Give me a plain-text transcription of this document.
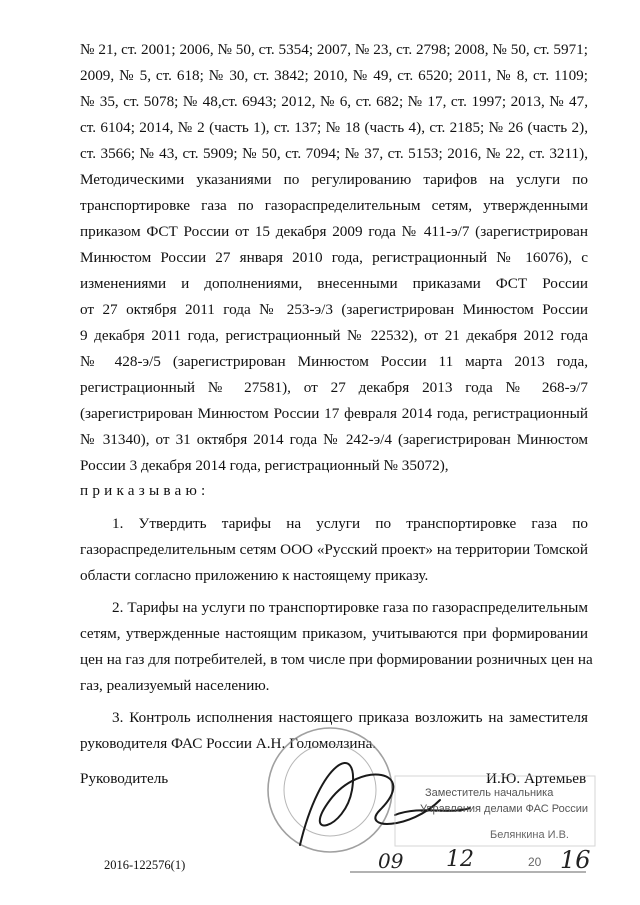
№ 21, ст. 2001; 2006, № 50, ст. 5354; 2007, № 23, ст. 2798; 2008, № 50, ст. 5971;
2009, № 5, ст. 618; № 30, ст. 3842; 2010, № 49, ст. 6520; 2011, № 8, ст. 1109;
№ 35, ст. 5078; № 48,ст. 6943; 2012, № 6, ст. 682; № 17, ст. 1997; 2013, № 47,
ст. 6104; 2014, № 2 (часть 1), ст. 137; № 18 (часть 4), ст. 2185; № 26 (часть 2),
ст. 3566; № 43, ст. 5909; № 50, ст. 7094; № 37, ст. 5153; 2016, № 22, ст. 3211),
Методическими указаниями по регулированию тарифов на услуги по
транспортировке газа по газораспределительным сетям, утвержденными
приказом ФСТ России от 15 декабря 2009 года № 411-э/7 (зарегистрирован
Минюстом России 27 января 2010 года, регистрационный № 16076), с
изменениями и дополнениями, внесенными приказами ФСТ России
от 27 октября 2011 года № 253-э/3 (зарегистрирован Минюстом России
9 декабря 2011 года, регистрационный № 22532), от 21 декабря 2012 года
№ 428-э/5 (зарегистрирован Минюстом России 11 марта 2013 года,
регистрационный № 27581), от 27 декабря 2013 года № 268-э/7
(зарегистрирован Минюстом России 17 февраля 2014 года, регистрационный
№ 31340), от 31 октября 2014 года № 242-э/4 (зарегистрирован Минюстом
России 3 декабря 2014 года, регистрационный № 35072),
приказываю:
1. Утвердить тарифы на услуги по транспортировке газа по
газораспределительным сетям ООО «Русский проект» на территории Томской
области согласно приложению к настоящему приказу.
2. Тарифы на услуги по транспортировке газа по газораспределительным
сетям, утвержденные настоящим приказом, учитываются при формировании
цен на газ для потребителей, в том числе при формировании розничных цен на
газ, реализуемый населению.
3. Контроль исполнения настоящего приказа возложить на заместителя
руководителя ФАС России А.Н. Голомолзина.
Руководитель	И.Ю. Артемьев
Заместитель начальника
Управления делами ФАС России
Белянкина И.В.
09 12	20 16
2016-122576(1)
